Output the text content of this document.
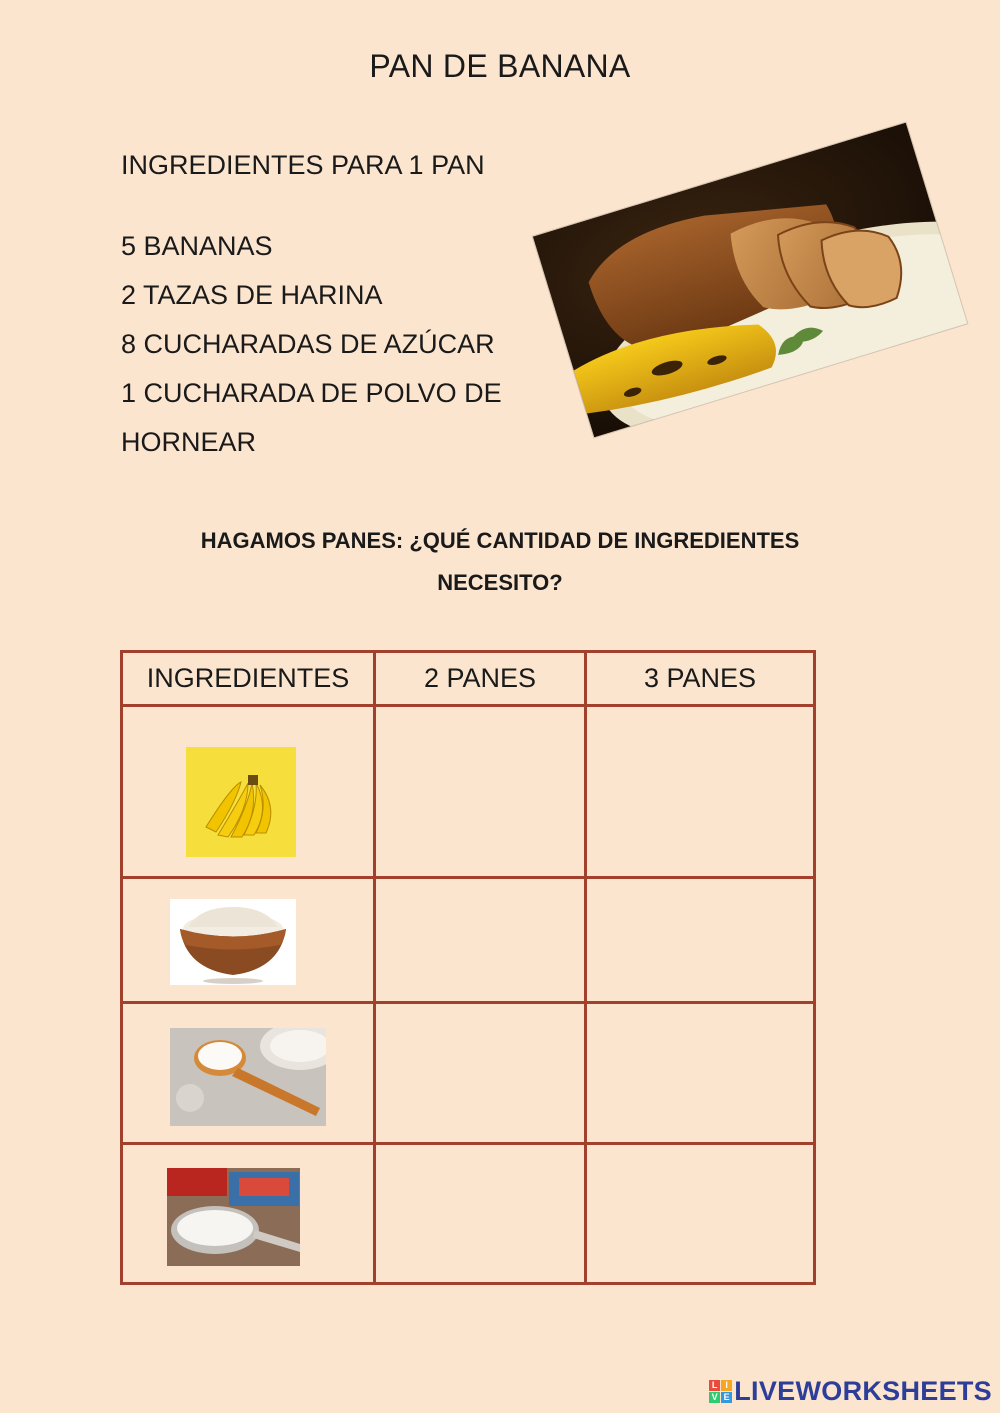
PAN DE BANANA
INGREDIENTES PARA 1 PAN
5 BANANAS
2 TAZAS DE HARINA
8 CUCHARADAS DE AZÚCAR
1 CUCHARADA DE POLVO DE HORNEAR
HAGAMOS PANES: ¿QUÉ CANTIDAD DE INGREDIENTES
NECESITO?
INGREDIENTES	2 PANES	3 PANES

L I
V E LIVEWORKSHEETS
